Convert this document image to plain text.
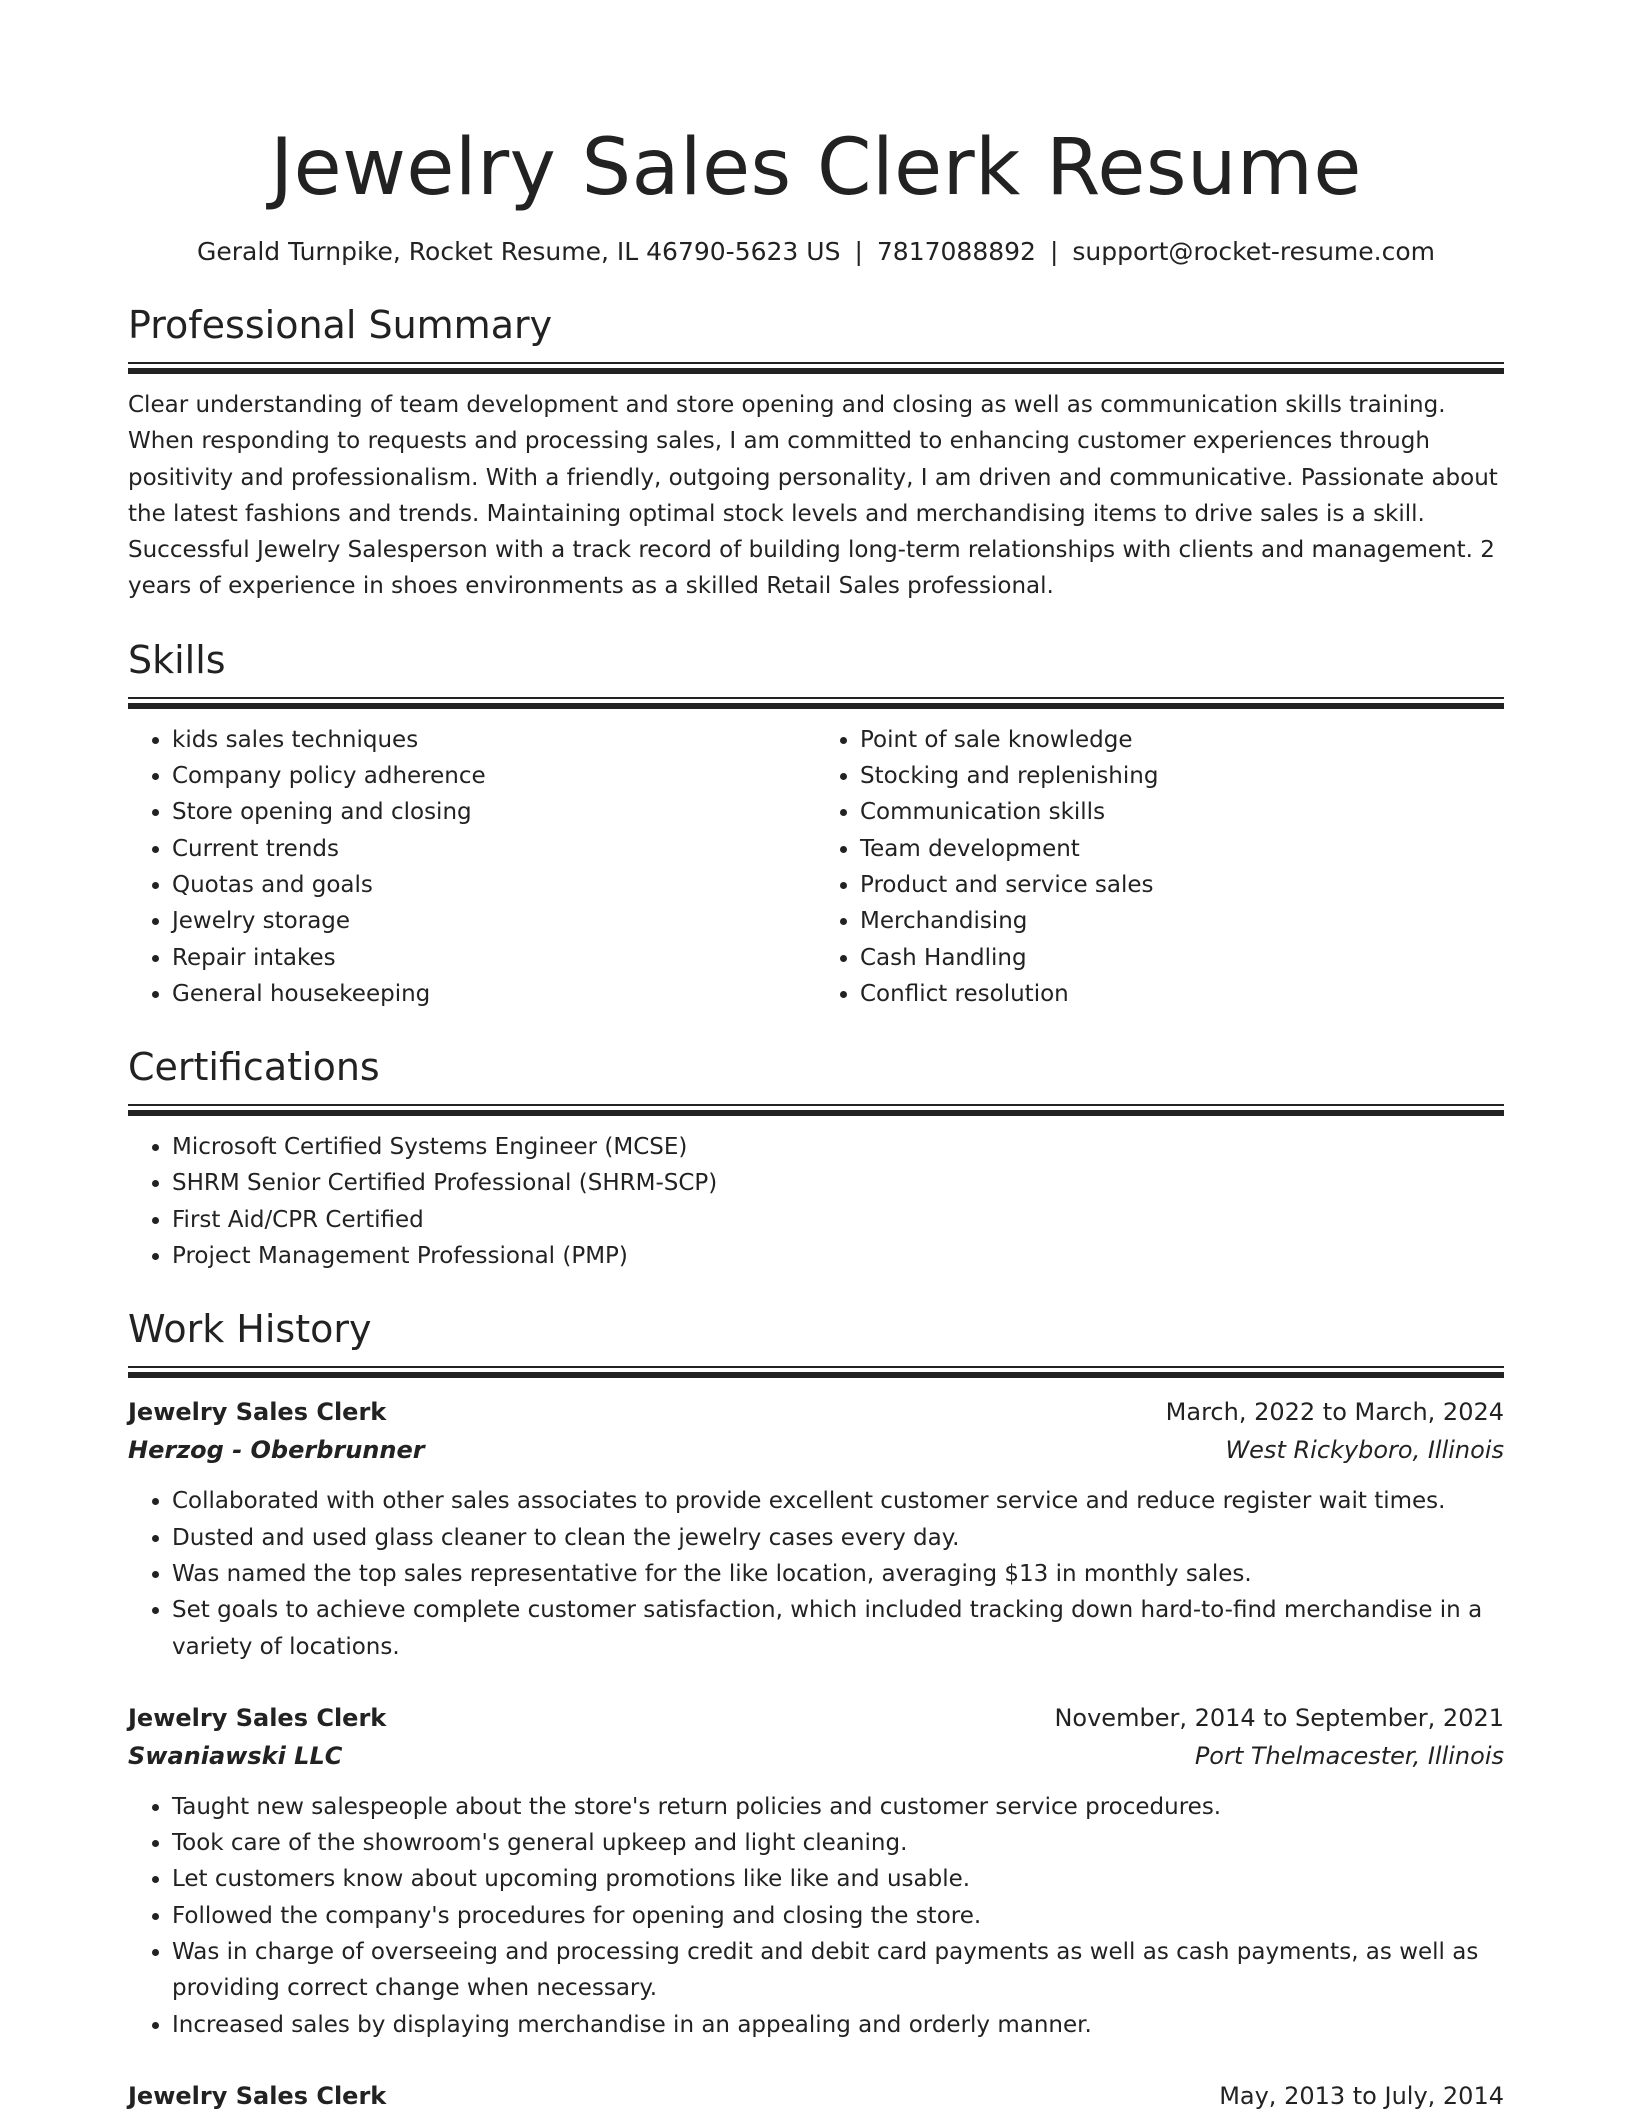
Jewelry Sales Clerk Resume
Gerald Turnpike, Rocket Resume, IL 46790-5623 US | 7817088892 | support@rocket-resume.com
Professional Summary

Clear understanding of team development and store opening and closing as well as communication skills training. When responding to requests and processing sales, I am committed to enhancing customer experiences through positivity and professionalism. With a friendly, outgoing personality, I am driven and communicative. Passionate about the latest fashions and trends. Maintaining optimal stock levels and merchandising items to drive sales is a skill. Successful Jewelry Salesperson with a track record of building long-term relationships with clients and management. 2 years of experience in shoes environments as a skilled Retail Sales professional.

Skills
• kids sales techniques
• Company policy adherence
• Store opening and closing
• Current trends
• Quotas and goals
• Jewelry storage
• Repair intakes
• General housekeeping
• Point of sale knowledge
• Stocking and replenishing
• Communication skills
• Team development
• Product and service sales
• Merchandising
• Cash Handling
• Conflict resolution
Certifications
• Microsoft Certified Systems Engineer (MCSE)
• SHRM Senior Certified Professional (SHRM-SCP)
• First Aid/CPR Certified
• Project Management Professional (PMP)
Work History
Jewelry Sales Clerk	March, 2022 to March, 2024
Herzog - Oberbrunner	West Rickyboro, Illinois
• Collaborated with other sales associates to provide excellent customer service and reduce register wait times.
• Dusted and used glass cleaner to clean the jewelry cases every day.
• Was named the top sales representative for the like location, averaging $13 in monthly sales.
• Set goals to achieve complete customer satisfaction, which included tracking down hard-to-find merchandise in a variety of locations.
Jewelry Sales Clerk	November, 2014 to September, 2021
Swaniawski LLC	Port Thelmacester, Illinois
• Taught new salespeople about the store's return policies and customer service procedures.
• Took care of the showroom's general upkeep and light cleaning.
• Let customers know about upcoming promotions like like and usable.
• Followed the company's procedures for opening and closing the store.
• Was in charge of overseeing and processing credit and debit card payments as well as cash payments, as well as providing correct change when necessary.
• Increased sales by displaying merchandise in an appealing and orderly manner.
Jewelry Sales Clerk	May, 2013 to July, 2014
